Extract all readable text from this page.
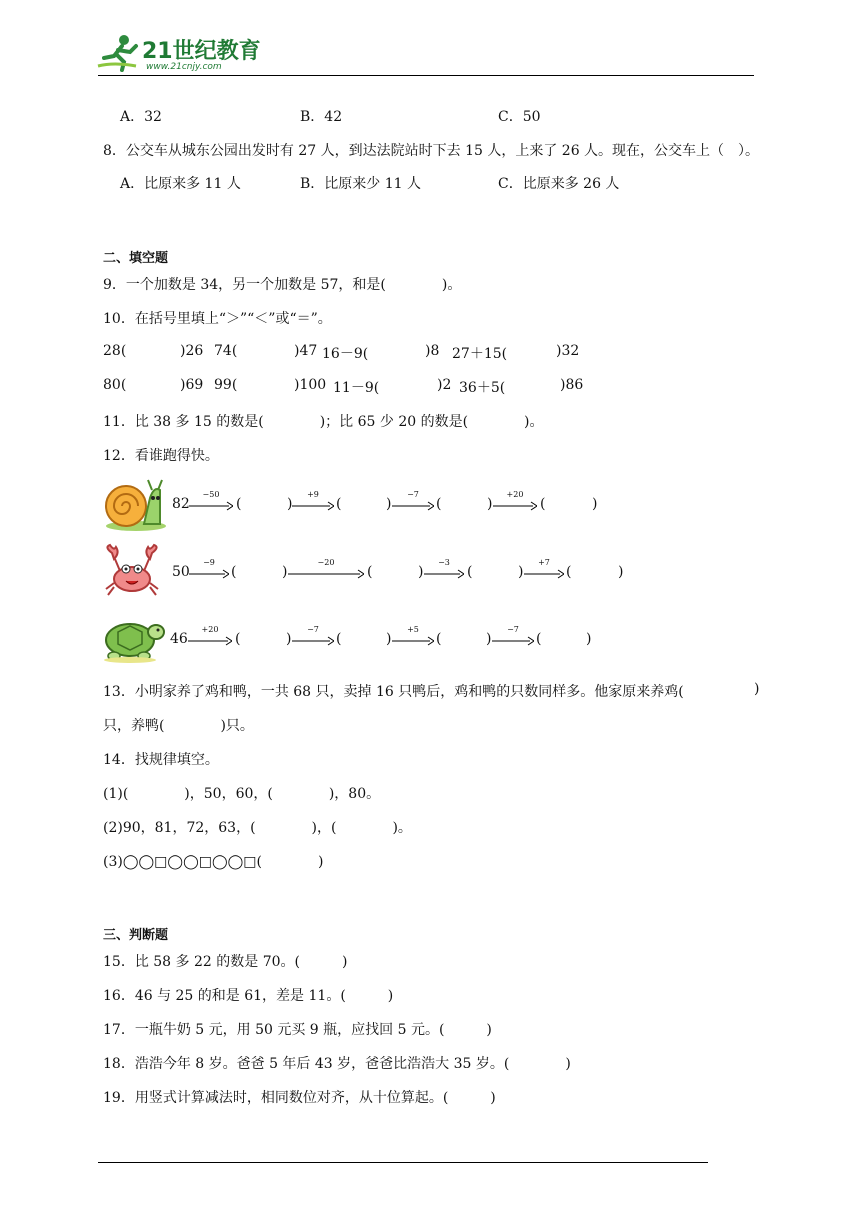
21世纪教育
www.21cnjy.com
A．32	B．42	C．50
8．公交车从城东公园出发时有 27 人，到达法院站时下去 15 人，上来了 26 人。现在，公交车上（　）。
A．比原来多 11 人	B．比原来少 11 人	C．比原来多 26 人
二、填空题
9．一个加数是 34，另一个加数是 57，和是(　　　　)。
10．在括号里填上“＞”“＜”或“＝”。
28(	)26 74(	)47 16－9(	)8 27＋15(	)32
80(	)69 99(	)100 11－9(	)2 36＋5(	)86
11．比 38 多 15 的数是(　　　　)；比 65 少 20 的数是(　　　　)。
12．看谁跑得快。
82
−50
(	)
+9
(	)
−7
(	)
+20
(	)
50
−9
(	)
−20
(	)
−3
(	)
+7
(	)
46
+20
(	)
−7
(	)
+5
(	)
−7
(	)
13．小明家养了鸡和鸭，一共 68 只，卖掉 16 只鸭后，鸡和鸭的只数同样多。他家原来养鸡(	)
只，养鸭(　　　　)只。
14．找规律填空。
(1)(　　　　)，50，60，(　　　　)，80。
(2)90，81，72，63，(　　　　)，(　　　　)。
(3)◯◯□◯◯□◯◯□(　　　　)
三、判断题
15．比 58 多 22 的数是 70。(　　　)
16．46 与 25 的和是 61，差是 11。(　　　)
17．一瓶牛奶 5 元，用 50 元买 9 瓶，应找回 5 元。(　　　)
18．浩浩今年 8 岁。爸爸 5 年后 43 岁，爸爸比浩浩大 35 岁。(　　　　)
19．用竖式计算减法时，相同数位对齐，从十位算起。(　　　)
